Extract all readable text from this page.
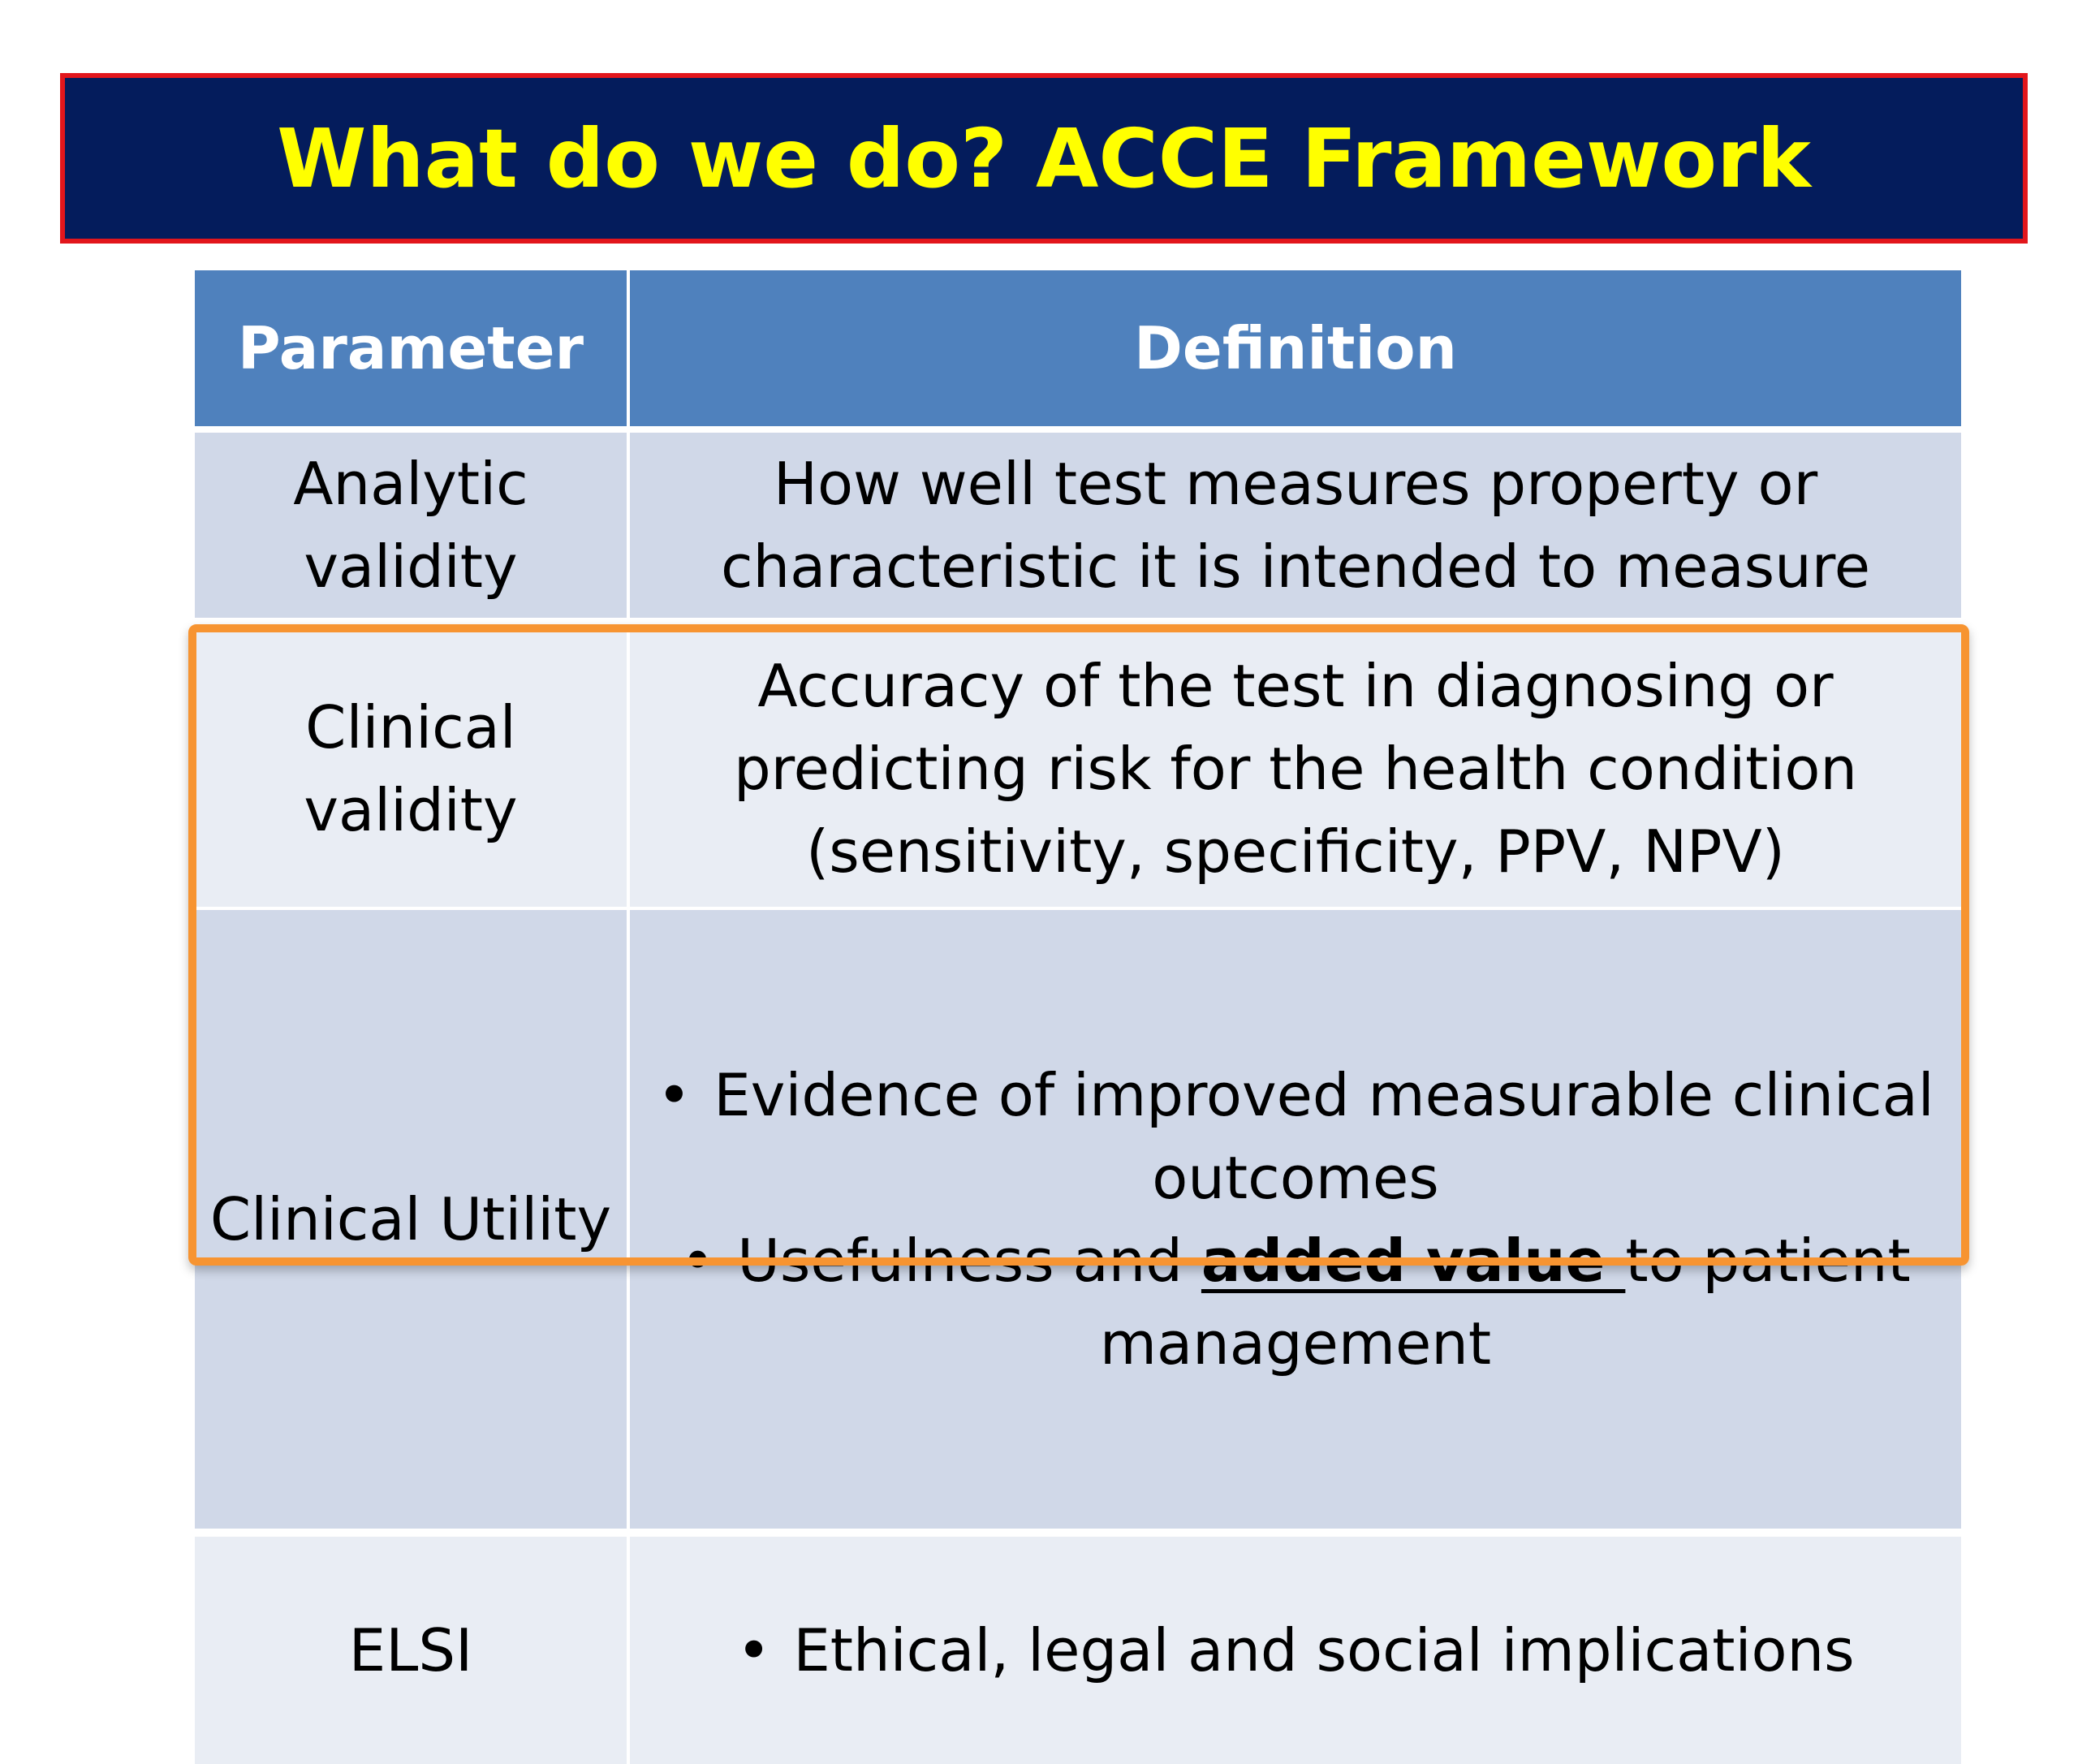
What do we do? ACCE Framework
Parameter	Definition
Analytic
validity
How well test measures property or
characteristic it is intended to measure
Clinical
validity
Accuracy of the test in diagnosing or
predicting risk for the health condition
(sensitivity, specificity, PPV, NPV)
Clinical Utility
• Evidence of improved measurable clinical
outcomes
• Usefulness and added value to patient
management
ELSI	• Ethical, legal and social implications
